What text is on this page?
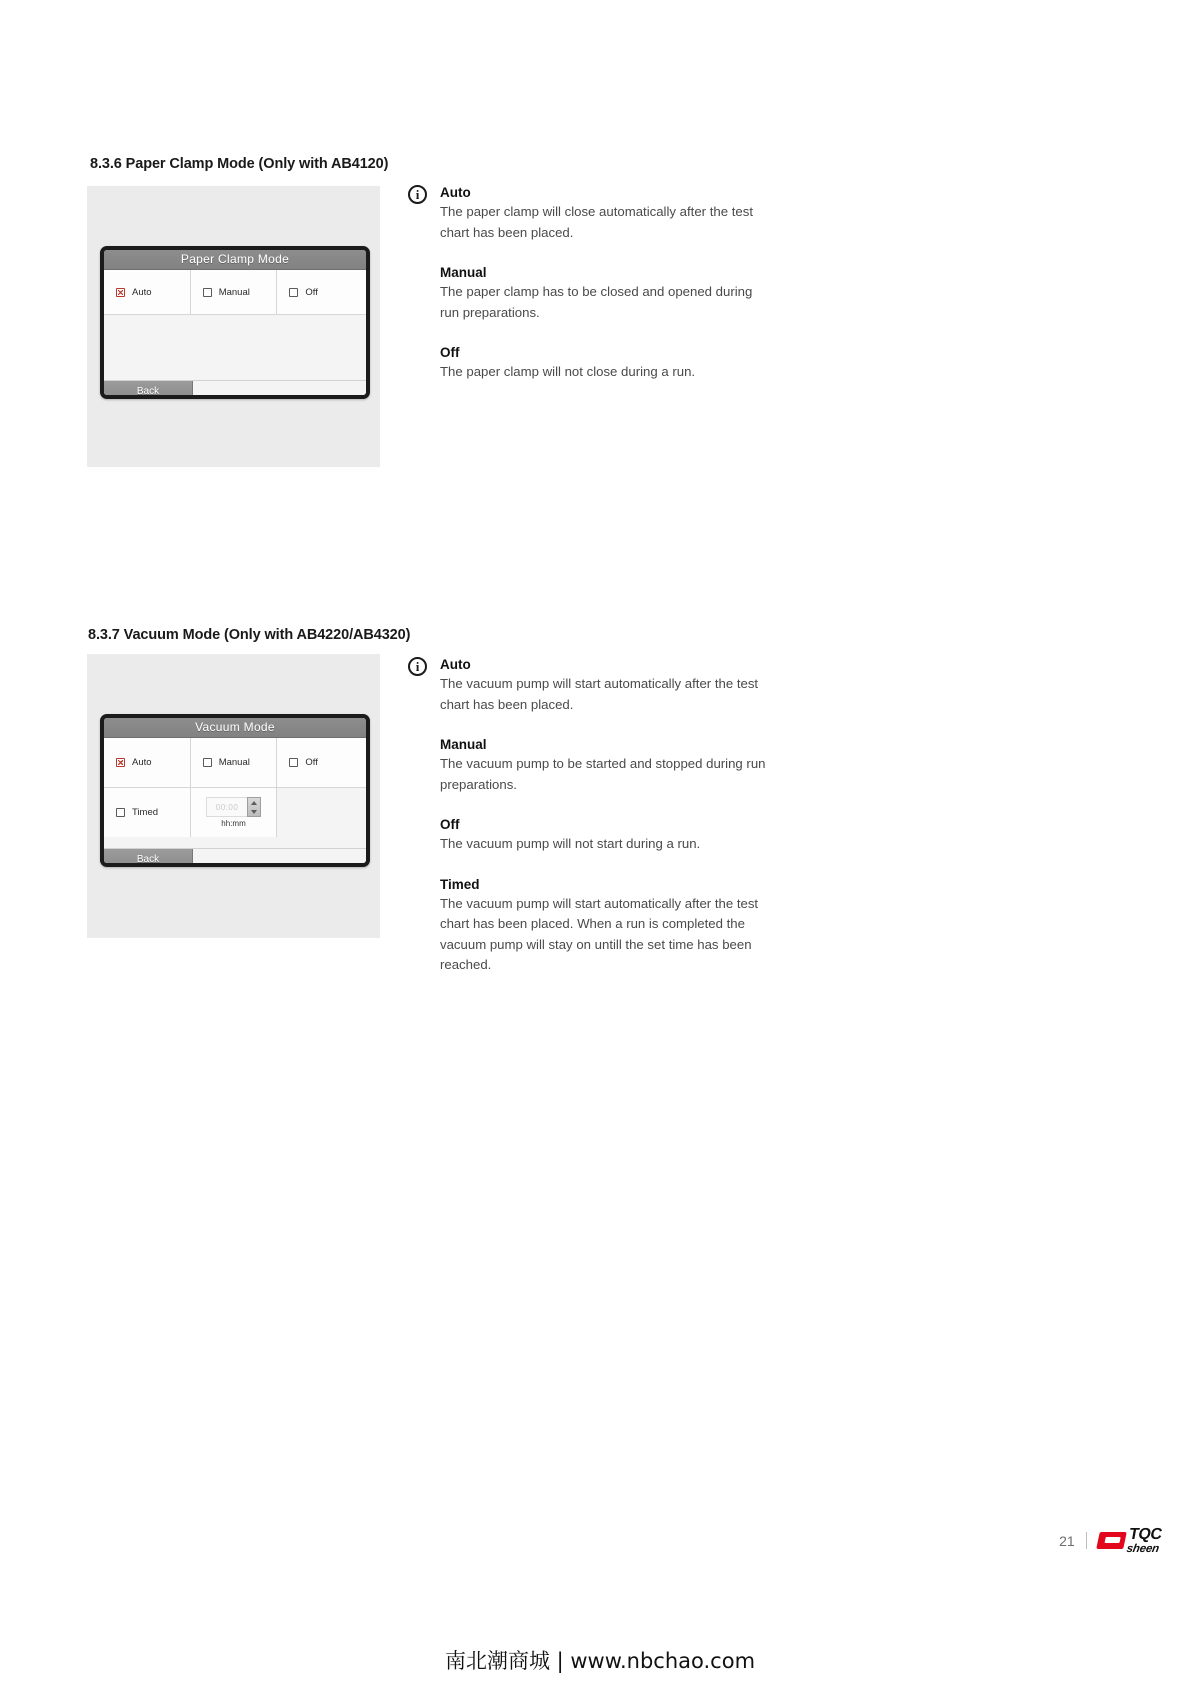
8.3.6 Paper Clamp Mode (Only with AB4120)
Paper Clamp Mode
Auto	Manual	Off
Back
i	Auto

The paper clamp will close automatically after the test chart has been placed.

Manual

The paper clamp has to be closed and opened during run preparations.

Off

The paper clamp will not close during a run.

8.3.7 Vacuum Mode (Only with AB4220/AB4320)
Vacuum Mode
Auto	Manual	Off
Timed	00:00
hh:mm
Back
i	Auto

The vacuum pump will start automatically after the test chart has been placed.

Manual

The vacuum pump to be started and stopped during run preparations.

Off

The vacuum pump will not start during a run.

Timed

The vacuum pump will start automatically after the test chart has been placed. When a run is completed the vacuum pump will stay on untill the set time has been reached.

21	TQC
sheen
南北潮商城 | www.nbchao.com
